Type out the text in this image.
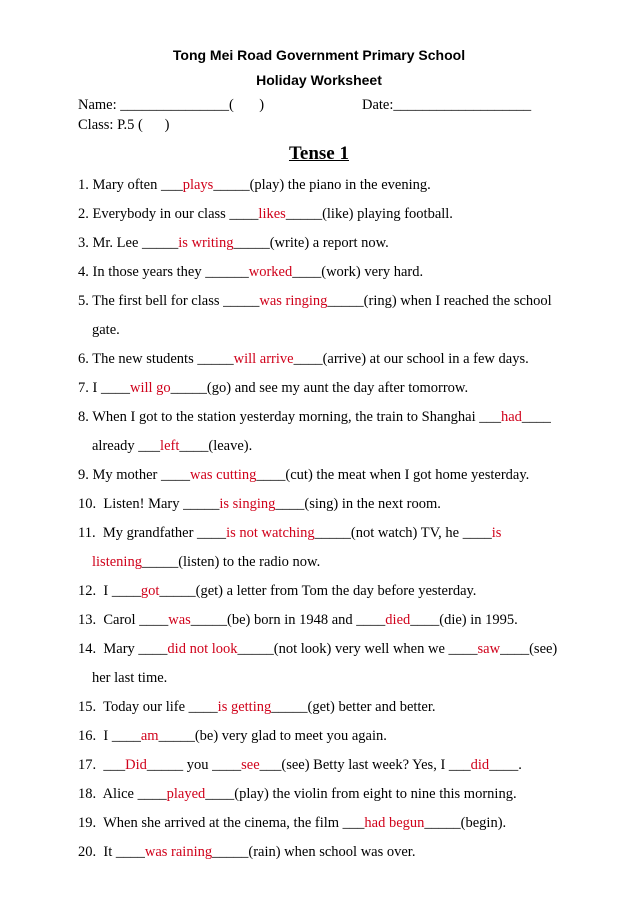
Tong Mei Road Government Primary School
Holiday Worksheet
Name: _______________(       )	Date:___________________
Class: P.5 (      )
Tense 1
1. Mary often ___plays_____(play) the piano in the evening.
2. Everybody in our class ____likes_____(like) playing football.
3. Mr. Lee _____is writing_____(write) a report now.
4. In those years they ______worked____(work) very hard.
5. The first bell for class _____was ringing_____(ring) when I reached the school
gate.
6. The new students _____will arrive____(arrive) at our school in a few days.
7. I ____will go_____(go) and see my aunt the day after tomorrow.
8. When I got to the station yesterday morning, the train to Shanghai ___had____
already ___left____(leave).
9. My mother ____was cutting____(cut) the meat when I got home yesterday.
10.  Listen! Mary _____is singing____(sing) in the next room.
11.  My grandfather ____is not watching_____(not watch) TV, he ____is
listening_____(listen) to the radio now.
12.  I ____got_____(get) a letter from Tom the day before yesterday.
13.  Carol ____was_____(be) born in 1948 and ____died____(die) in 1995.
14.  Mary ____did not look_____(not look) very well when we ____saw____(see)
her last time.
15.  Today our life ____is getting_____(get) better and better.
16.  I ____am_____(be) very glad to meet you again.
17.  ___Did_____ you ____see___(see) Betty last week? Yes, I ___did____.
18.  Alice ____played____(play) the violin from eight to nine this morning.
19.  When she arrived at the cinema, the film ___had begun_____(begin).
20.  It ____was raining_____(rain) when school was over.
